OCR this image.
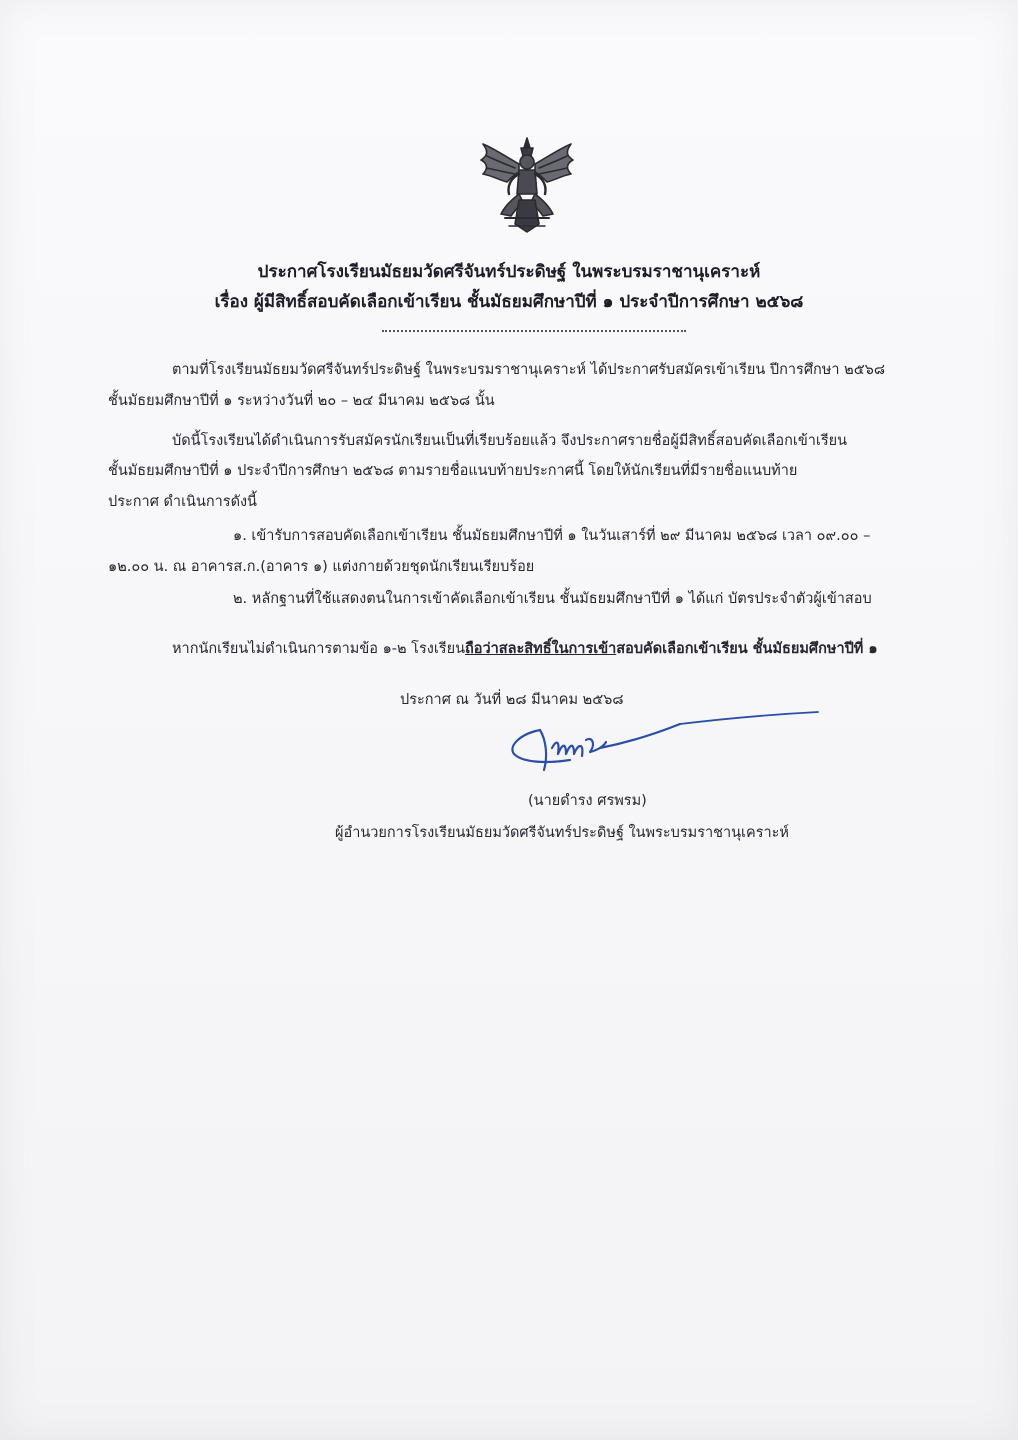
ประกาศโรงเรียนมัธยมวัดศรีจันทร์ประดิษฐ์ ในพระบรมราชานุเคราะห์
เรื่อง ผู้มีสิทธิ์สอบคัดเลือกเข้าเรียน ชั้นมัธยมศึกษาปีที่ ๑ ประจำปีการศึกษา ๒๕๖๘
ตามที่โรงเรียนมัธยมวัดศรีจันทร์ประดิษฐ์ ในพระบรมราชานุเคราะห์ ได้ประกาศรับสมัครเข้าเรียน ปีการศึกษา ๒๕๖๘
ชั้นมัธยมศึกษาปีที่ ๑ ระหว่างวันที่ ๒๐ – ๒๔ มีนาคม ๒๕๖๘ นั้น
บัดนี้โรงเรียนได้ดำเนินการรับสมัครนักเรียนเป็นที่เรียบร้อยแล้ว จึงประกาศรายชื่อผู้มีสิทธิ์สอบคัดเลือกเข้าเรียน
ชั้นมัธยมศึกษาปีที่ ๑ ประจำปีการศึกษา ๒๕๖๘ ตามรายชื่อแนบท้ายประกาศนี้ โดยให้นักเรียนที่มีรายชื่อแนบท้าย
ประกาศ ดำเนินการดังนี้
๑. เข้ารับการสอบคัดเลือกเข้าเรียน ชั้นมัธยมศึกษาปีที่ ๑ ในวันเสาร์ที่ ๒๙ มีนาคม ๒๕๖๘ เวลา ๐๙.๐๐ –
๑๒.๐๐ น. ณ อาคารส.ก.(อาคาร ๑) แต่งกายด้วยชุดนักเรียนเรียบร้อย
๒. หลักฐานที่ใช้แสดงตนในการเข้าคัดเลือกเข้าเรียน ชั้นมัธยมศึกษาปีที่ ๑ ได้แก่ บัตรประจำตัวผู้เข้าสอบ
หากนักเรียนไม่ดำเนินการตามข้อ ๑-๒ โรงเรียนถือว่าสละสิทธิ์ในการเข้าสอบคัดเลือกเข้าเรียน ชั้นมัธยมศึกษาปีที่ ๑
ประกาศ ณ วันที่ ๒๘ มีนาคม ๒๕๖๘
(นายดำรง ศรพรม)
ผู้อำนวยการโรงเรียนมัธยมวัดศรีจันทร์ประดิษฐ์ ในพระบรมราชานุเคราะห์
